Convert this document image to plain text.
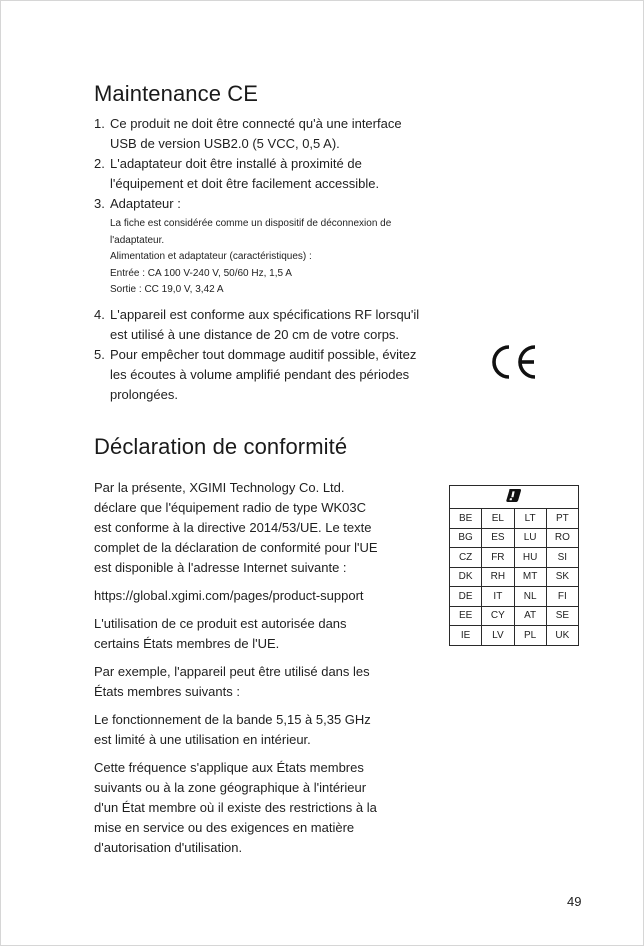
Maintenance CE
1. Ce produit ne doit être connecté qu'à une interface
USB de version USB2.0 (5 VCC, 0,5 A).
2. L'adaptateur doit être installé à proximité de
l'équipement et doit être facilement accessible.
3. Adaptateur :
La fiche est considérée comme un dispositif de déconnexion de
l'adaptateur.
Alimentation et adaptateur (caractéristiques) :
Entrée : CA 100 V-240 V, 50/60 Hz, 1,5 A
Sortie : CC 19,0 V, 3,42 A
4. L'appareil est conforme aux spécifications RF lorsqu'il
est utilisé à une distance de 20 cm de votre corps.
5. Pour empêcher tout dommage auditif possible, évitez
les écoutes à volume amplifié pendant des périodes
prolongées.
Déclaration de conformité

Par la présente, XGIMI Technology Co. Ltd.
déclare que l'équipement radio de type WK03C
est conforme à la directive 2014/53/UE. Le texte
complet de la déclaration de conformité pour l'UE
est disponible à l'adresse Internet suivante :

https://global.xgimi.com/pages/product-support

L'utilisation de ce produit est autorisée dans
certains États membres de l'UE.

Par exemple, l'appareil peut être utilisé dans les
États membres suivants :

Le fonctionnement de la bande 5,15 à 5,35 GHz
est limité à une utilisation en intérieur.

Cette fréquence s'applique aux États membres
suivants ou à la zone géographique à l'intérieur
d'un État membre où il existe des restrictions à la
mise en service ou des exigences en matière
d'autorisation d'utilisation.

BE	EL	LT	PT
BG	ES	LU	RO
CZ	FR	HU	SI
DK	RH	MT	SK
DE	IT	NL	FI
EE	CY	AT	SE
IE	LV	PL	UK
49
